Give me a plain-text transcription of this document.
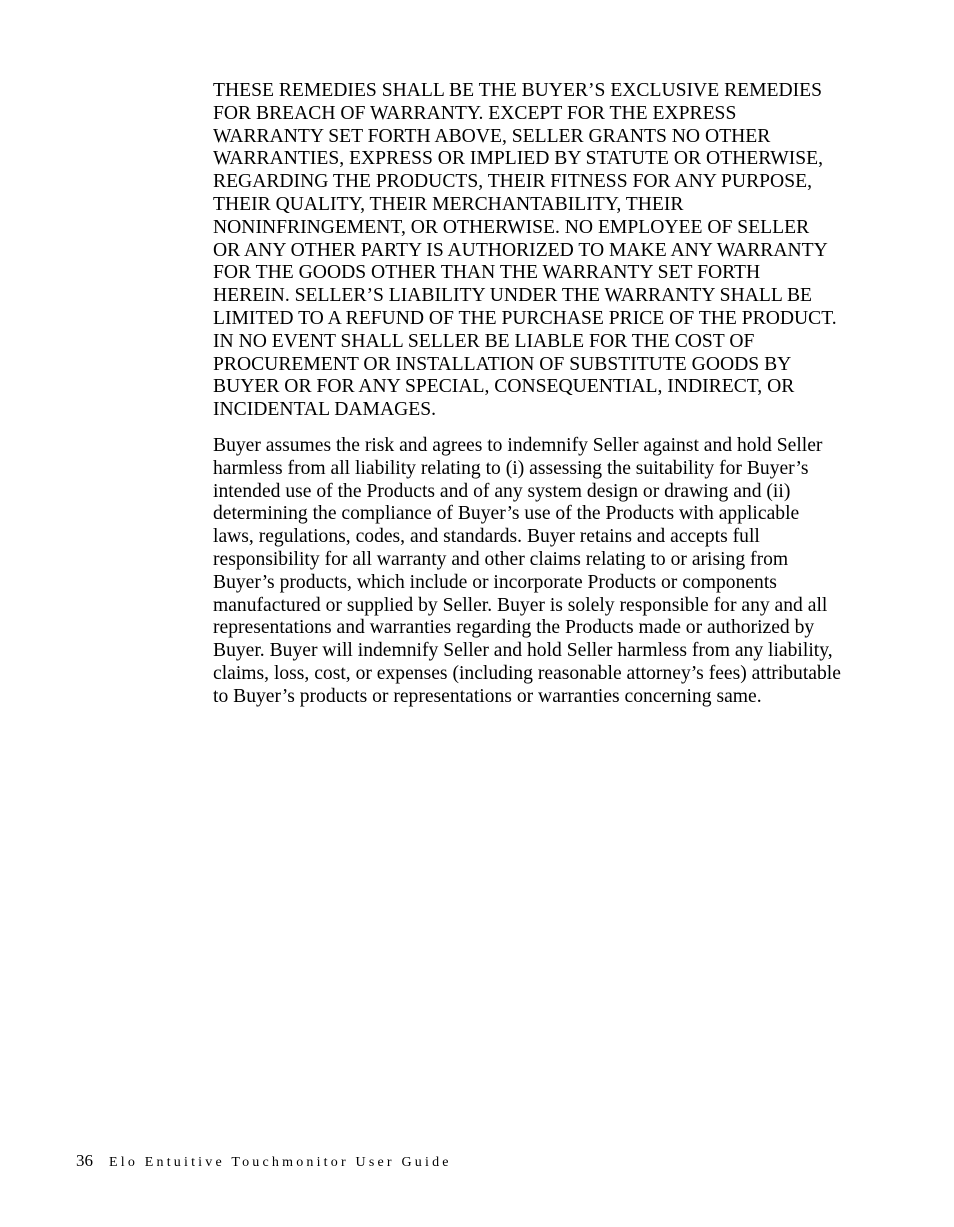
THESE REMEDIES SHALL BE THE BUYER’S EXCLUSIVE REMEDIES
FOR BREACH OF WARRANTY. EXCEPT FOR THE EXPRESS
WARRANTY SET FORTH ABOVE, SELLER GRANTS NO OTHER
WARRANTIES, EXPRESS OR IMPLIED BY STATUTE OR OTHERWISE,
REGARDING THE PRODUCTS, THEIR FITNESS FOR ANY PURPOSE,
THEIR QUALITY, THEIR MERCHANTABILITY, THEIR
NONINFRINGEMENT, OR OTHERWISE. NO EMPLOYEE OF SELLER
OR ANY OTHER PARTY IS AUTHORIZED TO MAKE ANY WARRANTY
FOR THE GOODS OTHER THAN THE WARRANTY SET FORTH
HEREIN. SELLER’S LIABILITY UNDER THE WARRANTY SHALL BE
LIMITED TO A REFUND OF THE PURCHASE PRICE OF THE PRODUCT.
IN NO EVENT SHALL SELLER BE LIABLE FOR THE COST OF
PROCUREMENT OR INSTALLATION OF SUBSTITUTE GOODS BY
BUYER OR FOR ANY SPECIAL, CONSEQUENTIAL, INDIRECT, OR
INCIDENTAL DAMAGES.

Buyer assumes the risk and agrees to indemnify Seller against and hold Seller
harmless from all liability relating to (i) assessing the suitability for Buyer’s
intended use of the Products and of any system design or drawing and (ii)
determining the compliance of Buyer’s use of the Products with applicable
laws, regulations, codes, and standards. Buyer retains and accepts full
responsibility for all warranty and other claims relating to or arising from
Buyer’s products, which include or incorporate Products or components
manufactured or supplied by Seller. Buyer is solely responsible for any and all
representations and warranties regarding the Products made or authorized by
Buyer. Buyer will indemnify Seller and hold Seller harmless from any liability,
claims, loss, cost, or expenses (including reasonable attorney’s fees) attributable
to Buyer’s products or representations or warranties concerning same.

36 Elo Entuitive Touchmonitor User Guide
